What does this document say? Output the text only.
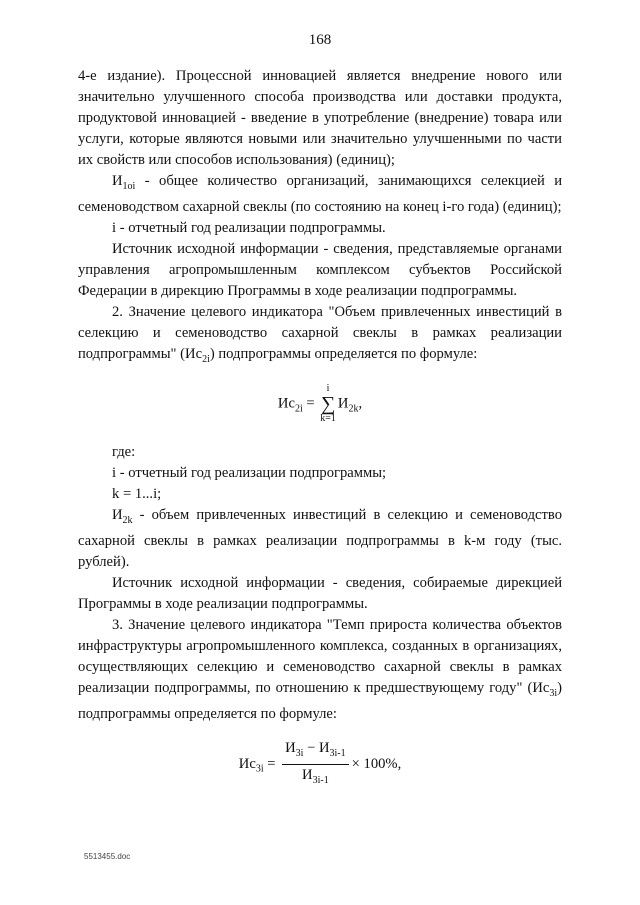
168

4-е издание). Процессной инновацией является внедрение нового или значительно улучшенного способа производства или доставки продукта, продуктовой инновацией - введение в употребление (внедрение) товара или услуги, которые являются новыми или значительно улучшенными по части их свойств или способов использования) (единиц);

$И_{1oi}$ - общее количество организаций, занимающихся селекцией и семеноводством сахарной свеклы (по состоянию на конец i-го года) (единиц);

i - отчетный год реализации подпрограммы.

Источник исходной информации - сведения, представляемые органами управления агропромышленным комплексом субъектов Российской Федерации в дирекцию Программы в ходе реализации подпрограммы.

2. Значение целевого индикатора "Объем привлеченных инвестиций в селекцию и семеноводство сахарной свеклы в рамках реализации подпрограммы" $(Ис_{2i})$ подпрограммы определяется по формуле:

$Ис_{2i}$ =
i
∑
k=1
$И_{2k}$,

где:

i - отчетный год реализации подпрограммы;

k = 1...i;

$И_{2k}$ - объем привлеченных инвестиций в селекцию и семеноводство сахарной свеклы в рамках реализации подпрограммы в k-м году (тыс. рублей).

Источник исходной информации - сведения, собираемые дирекцией Программы в ходе реализации подпрограммы.

3. Значение целевого индикатора "Темп прироста количества объектов инфраструктуры агропромышленного комплекса, созданных в организациях, осуществляющих селекцию и семеноводство сахарной свеклы в рамках реализации подпрограммы, по отношению к предшествующему году" $(Ис_{3i})$ подпрограммы определяется по формуле:

$Ис_{3i} = \frac{И_{3i} - И_{3i-1}}{И_{3i-1}} \times 100\%$,
5513455.doc
